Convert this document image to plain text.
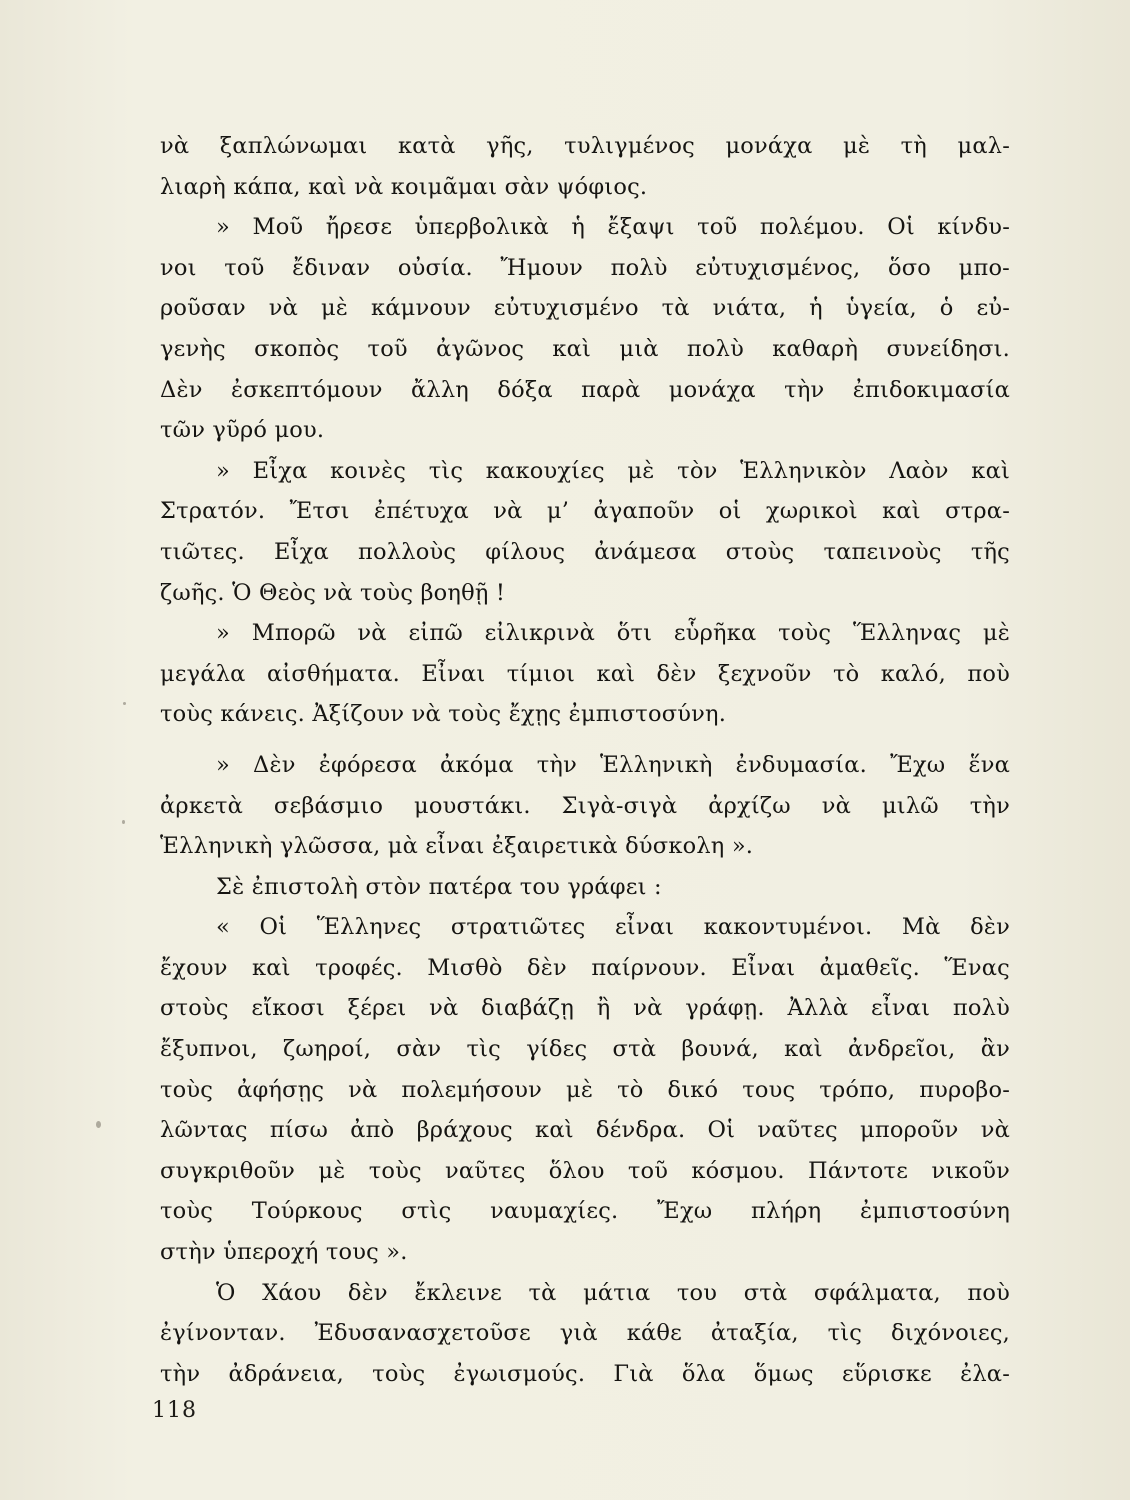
νὰ ξαπλώνωμαι κατὰ γῆς, τυλιγμένος μονάχα μὲ τὴ μαλ-
λιαρὴ κάπα, καὶ νὰ κοιμᾶμαι σὰν ψόφιος.
» Μοῦ ἤρεσε ὑπερβολικὰ ἡ ἔξαψι τοῦ πολέμου. Οἱ κίνδυ-
νοι τοῦ ἔδιναν οὐσία. Ἤμουν πολὺ εὐτυχισμένος, ὅσο μπο-
ροῦσαν νὰ μὲ κάμνουν εὐτυχισμένο τὰ νιάτα, ἡ ὑγεία, ὁ εὐ-
γενὴς σκοπὸς τοῦ ἀγῶνος καὶ μιὰ πολὺ καθαρὴ συνείδησι.
Δὲν ἐσκεπτόμουν ἄλλη δόξα παρὰ μονάχα τὴν ἐπιδοκιμασία
τῶν γῦρό μου.
» Εἶχα κοινὲς τὶς κακουχίες μὲ τὸν Ἑλληνικὸν Λαὸν καὶ
Στρατόν. Ἔτσι ἐπέτυχα νὰ μ’ ἀγαποῦν οἱ χωρικοὶ καὶ στρα-
τιῶτες. Εἶχα πολλοὺς φίλους ἀνάμεσα στοὺς ταπεινοὺς τῆς
ζωῆς. Ὁ Θεὸς νὰ τοὺς βοηθῇ !
» Μπορῶ νὰ εἰπῶ εἰλικρινὰ ὅτι εὗρῆκα τοὺς Ἕλληνας μὲ
μεγάλα αἰσθήματα. Εἶναι τίμιοι καὶ δὲν ξεχνοῦν τὸ καλό, ποὺ
τοὺς κάνεις. Ἀξίζουν νὰ τοὺς ἔχῃς ἐμπιστοσύνη.
» Δὲν ἐφόρεσα ἀκόμα τὴν Ἑλληνικὴ ἐνδυμασία. Ἔχω ἕνα
ἀρκετὰ σεβάσμιο μουστάκι. Σιγὰ-σιγὰ ἀρχίζω νὰ μιλῶ τὴν
Ἑλληνικὴ γλῶσσα, μὰ εἶναι ἐξαιρετικὰ δύσκολη ».
Σὲ ἐπιστολὴ στὸν πατέρα του γράφει :
« Οἱ Ἕλληνες στρατιῶτες εἶναι κακοντυμένοι. Μὰ δὲν
ἔχουν καὶ τροφές. Μισθὸ δὲν παίρνουν. Εἶναι ἀμαθεῖς. Ἕνας
στοὺς εἴκοσι ξέρει νὰ διαβάζῃ ἢ νὰ γράφῃ. Ἀλλὰ εἶναι πολὺ
ἔξυπνοι, ζωηροί, σὰν τὶς γίδες στὰ βουνά, καὶ ἀνδρεῖοι, ἂν
τοὺς ἀφήσῃς νὰ πολεμήσουν μὲ τὸ δικό τους τρόπο, πυροβο-
λῶντας πίσω ἀπὸ βράχους καὶ δένδρα. Οἱ ναῦτες μποροῦν νὰ
συγκριθοῦν μὲ τοὺς ναῦτες ὅλου τοῦ κόσμου. Πάντοτε νικοῦν
τοὺς Τούρκους στὶς ναυμαχίες. Ἔχω πλήρη ἐμπιστοσύνη
στὴν ὑπεροχή τους ».
Ὁ Χάου δὲν ἔκλεινε τὰ μάτια του στὰ σφάλματα, ποὺ
ἐγίνονταν. Ἐδυσανασχετοῦσε γιὰ κάθε ἀταξία, τὶς διχόνοιες,
τὴν ἀδράνεια, τοὺς ἐγωισμούς. Γιὰ ὅλα ὅμως εὕρισκε ἐλα-
118
